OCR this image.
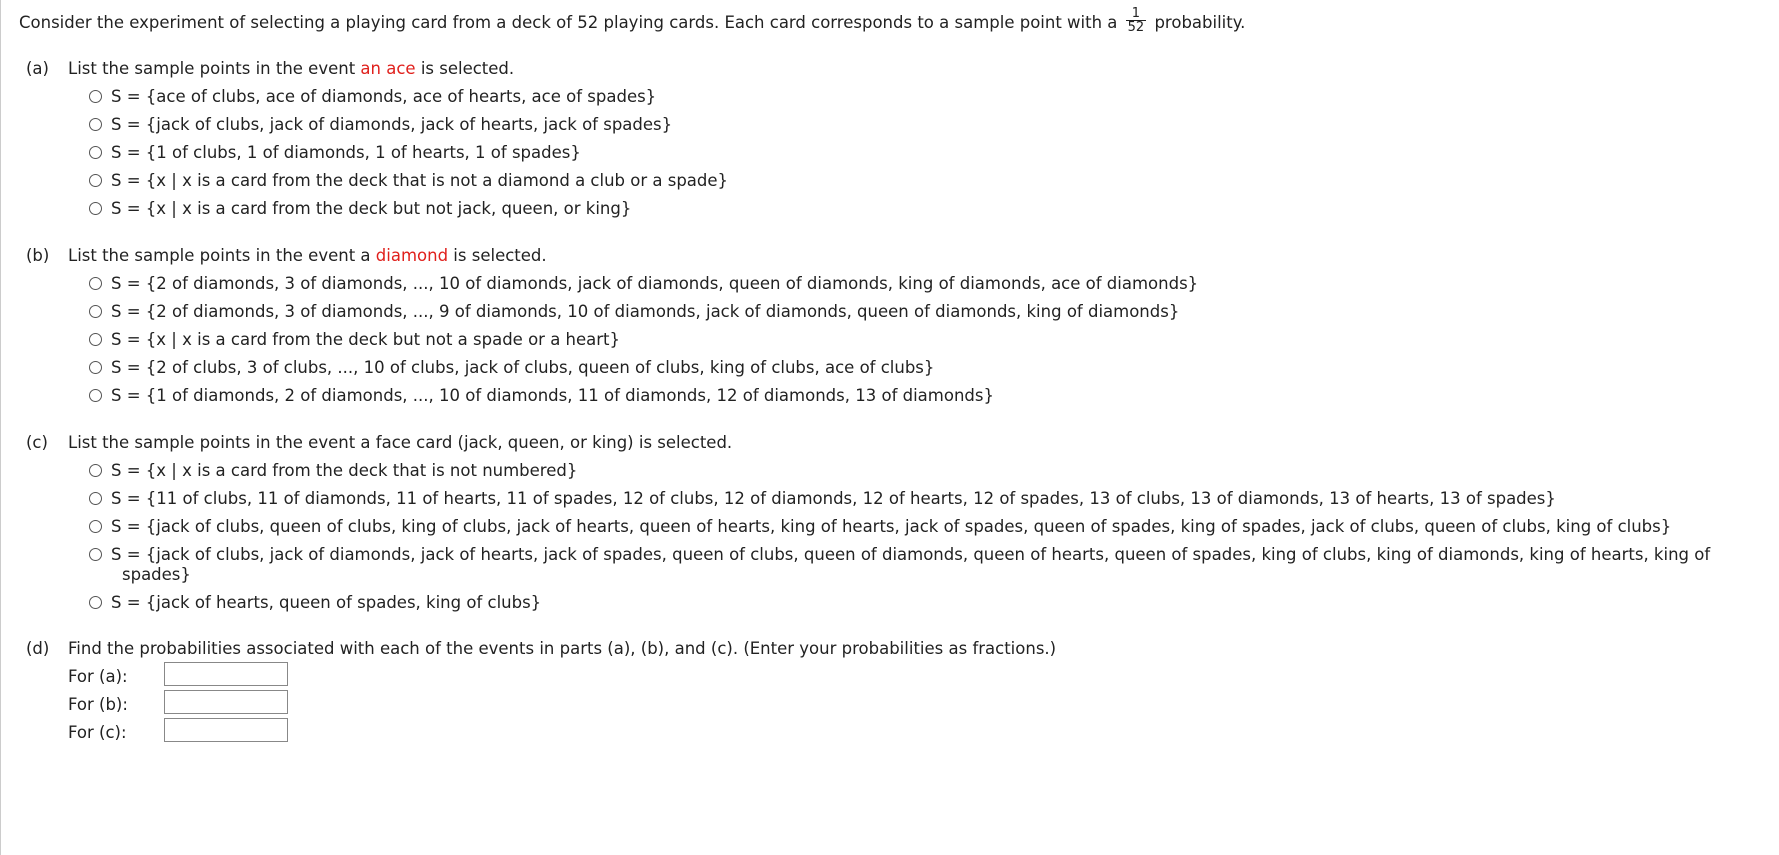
Consider the experiment of selecting a playing card from a deck of 52 playing cards. Each card corresponds to a sample point with a $\frac{1}{52}$ probability.
(a) List the sample points in the event an ace is selected.
S = {ace of clubs, ace of diamonds, ace of hearts, ace of spades}
S = {jack of clubs, jack of diamonds, jack of hearts, jack of spades}
S = {1 of clubs, 1 of diamonds, 1 of hearts, 1 of spades}
S = {x | x is a card from the deck that is not a diamond a club or a spade}
S = {x | x is a card from the deck but not jack, queen, or king}
(b) List the sample points in the event a diamond is selected.
S = {2 of diamonds, 3 of diamonds, ..., 10 of diamonds, jack of diamonds, queen of diamonds, king of diamonds, ace of diamonds}
S = {2 of diamonds, 3 of diamonds, ..., 9 of diamonds, 10 of diamonds, jack of diamonds, queen of diamonds, king of diamonds}
S = {x | x is a card from the deck but not a spade or a heart}
S = {2 of clubs, 3 of clubs, ..., 10 of clubs, jack of clubs, queen of clubs, king of clubs, ace of clubs}
S = {1 of diamonds, 2 of diamonds, ..., 10 of diamonds, 11 of diamonds, 12 of diamonds, 13 of diamonds}
(c) List the sample points in the event a face card (jack, queen, or king) is selected.
S = {x | x is a card from the deck that is not numbered}
S = {11 of clubs, 11 of diamonds, 11 of hearts, 11 of spades, 12 of clubs, 12 of diamonds, 12 of hearts, 12 of spades, 13 of clubs, 13 of diamonds, 13 of hearts, 13 of spades}
S = {jack of clubs, queen of clubs, king of clubs, jack of hearts, queen of hearts, king of hearts, jack of spades, queen of spades, king of spades, jack of clubs, queen of clubs, king of clubs}
S = {jack of clubs, jack of diamonds, jack of hearts, jack of spades, queen of clubs, queen of diamonds, queen of hearts, queen of spades, king of clubs, king of diamonds, king of hearts, king of
spades}
S = {jack of hearts, queen of spades, king of clubs}
(d) Find the probabilities associated with each of the events in parts (a), (b), and (c). (Enter your probabilities as fractions.)
For (a):
For (b):
For (c):
